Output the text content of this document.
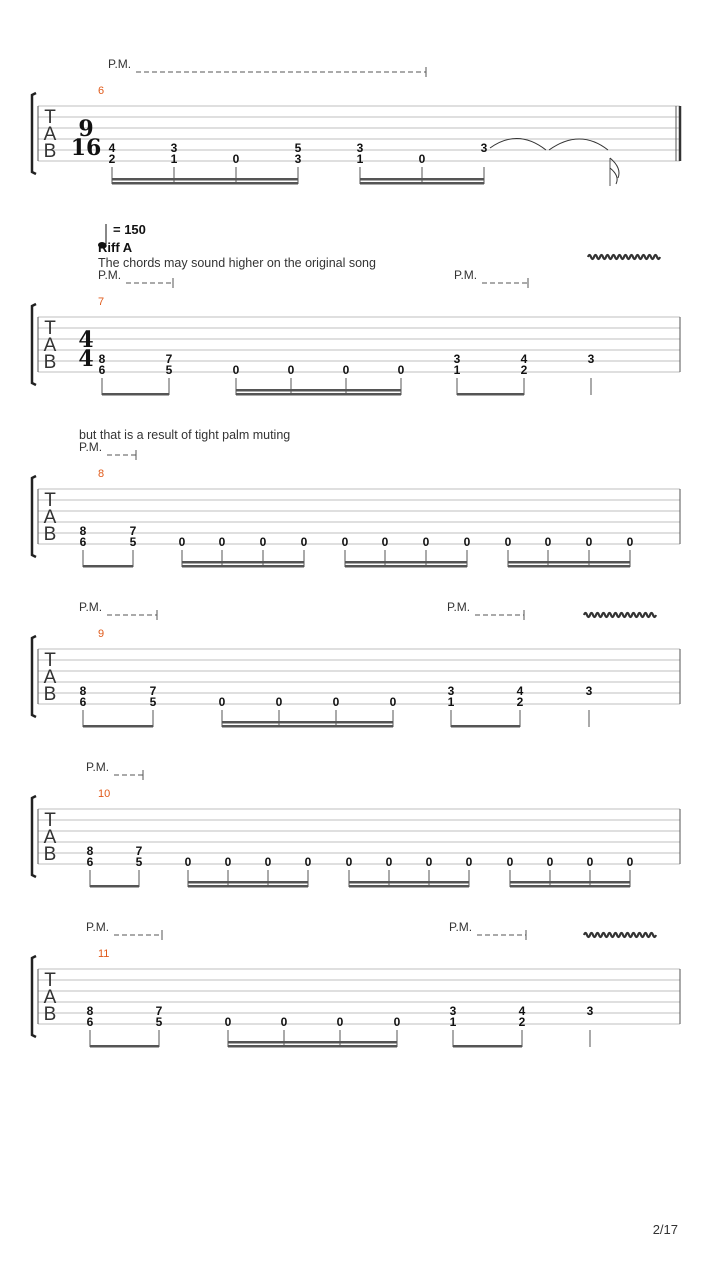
T
A
B
6
9
16 4
2
3
1	0
5
3
3
1	0
3
T
A
B
7
4
4 8
6
7
5	0	0	0	0
3
1
4
2
3
T
A
B
8
8
6
7
5	0	0	0	0	0	0	0	0	0	0	0	0
T
A
B
9
8
6
7
5	0	0	0	0
3
1
4
2
3
T
A
B
10
8
6
7
5	0	0	0	0	0	0	0	0	0	0	0	0
T
A
B
11
8
6
7
5	0	0	0	0
3
1
4
2
3
P.M.
P.M.	P.M.
P.M.
P.M.	P.M.
P.M.
P.M.	P.M.
= 150
Riff A
The chords may sound higher on the original song
but that is a result of tight palm muting
2/17
